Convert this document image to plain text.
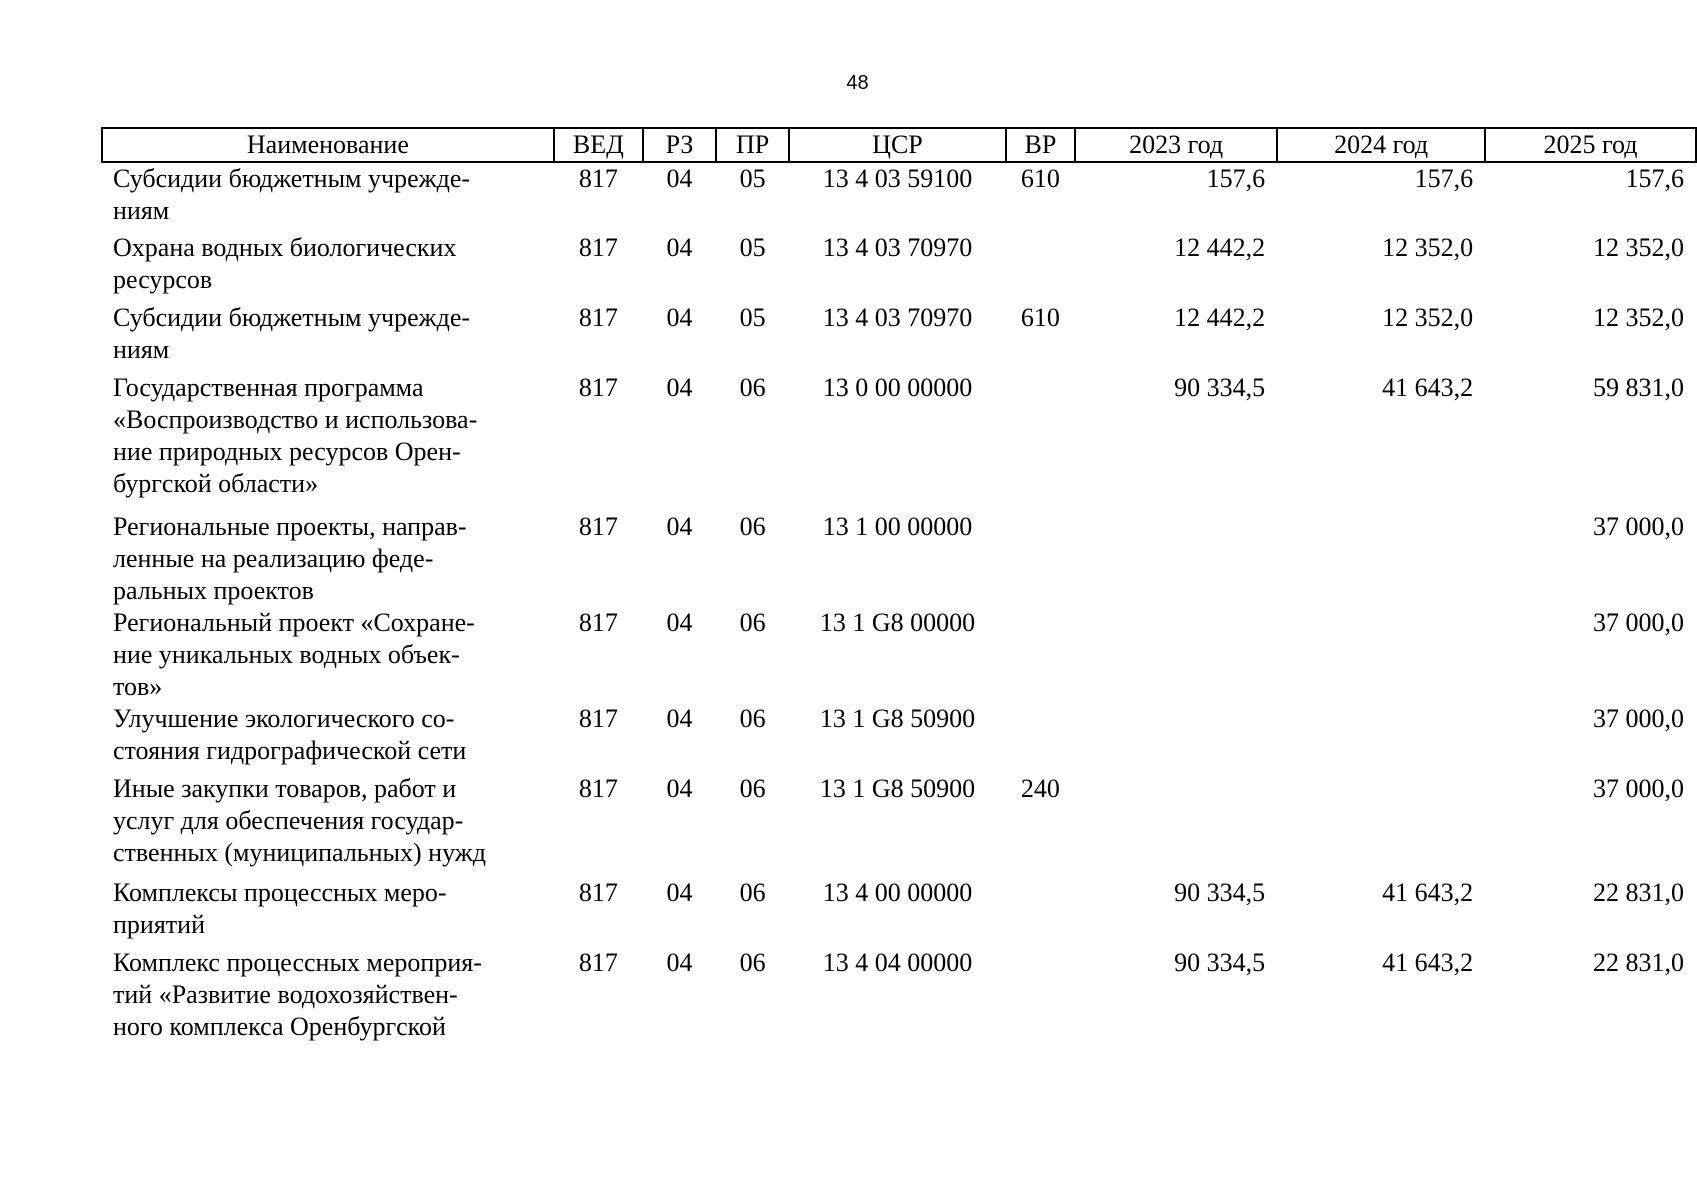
48
Наименование	ВЕД	РЗ	ПР	ЦСР	ВР	2023 год	2024 год	2025 год

Субсидии бюджетным учрежде-
ниям	817	04	05	13 4 03 59100	610	157,6	157,6	157,6

Охрана водных биологических
ресурсов	817	04	05	13 4 03 70970		12 442,2	12 352,0	12 352,0

Субсидии бюджетным учрежде-
ниям	817	04	05	13 4 03 70970	610	12 442,2	12 352,0	12 352,0

Государственная программа
«Воспроизводство и использова-
ние природных ресурсов Орен-
бургской области»	817	04	06	13 0 00 00000		90 334,5	41 643,2	59 831,0

Региональные проекты, направ-
ленные на реализацию феде-
ральных проектов	817	04	06	13 1 00 00000				37 000,0

Региональный проект «Сохране-
ние уникальных водных объек-
тов»	817	04	06	13 1 G8 00000				37 000,0

Улучшение экологического со-
стояния гидрографической сети	817	04	06	13 1 G8 50900				37 000,0

Иные закупки товаров, работ и
услуг для обеспечения государ-
ственных (муниципальных) нужд	817	04	06	13 1 G8 50900	240			37 000,0

Комплексы процессных меро-
приятий	817	04	06	13 4 00 00000		90 334,5	41 643,2	22 831,0

Комплекс процессных мероприя-
тий «Развитие водохозяйствен-
ного комплекса Оренбургской	817	04	06	13 4 04 00000		90 334,5	41 643,2	22 831,0
